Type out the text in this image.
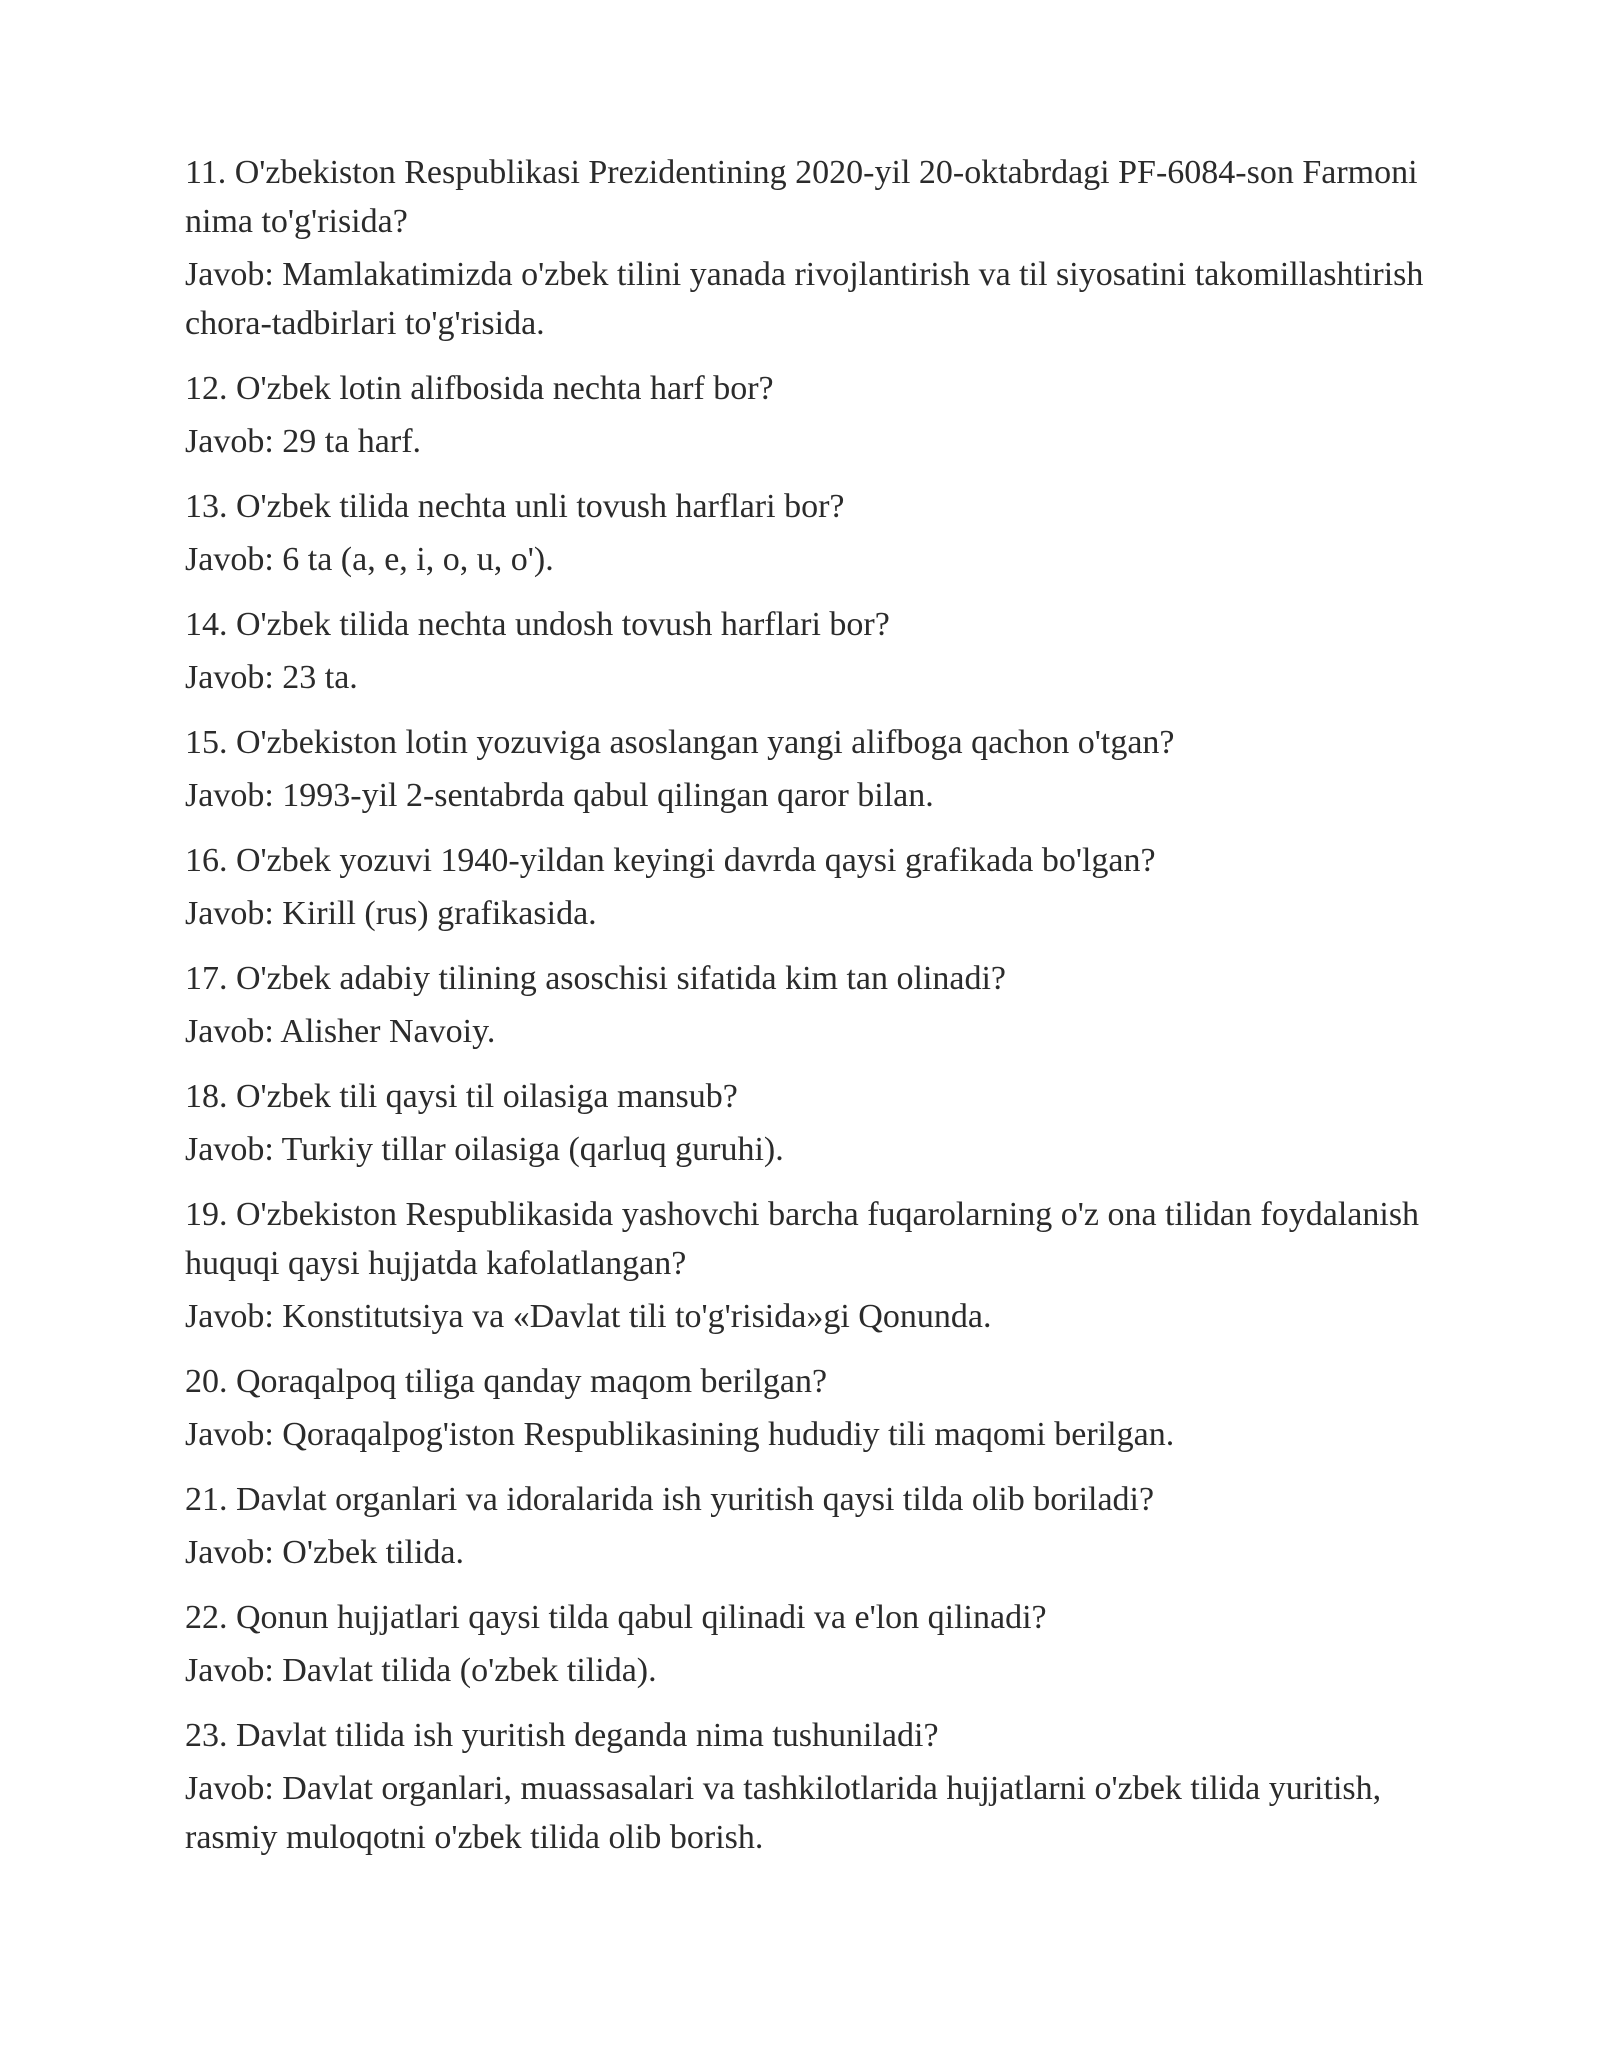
11. O'zbekiston Respublikasi Prezidentining 2020-yil 20-oktabrdagi PF-6084-son Farmoni nima to'g'risida?

Javob: Mamlakatimizda o'zbek tilini yanada rivojlantirish va til siyosatini takomillashtirish chora-tadbirlari to'g'risida.

12. O'zbek lotin alifbosida nechta harf bor?

Javob: 29 ta harf.

13. O'zbek tilida nechta unli tovush harflari bor?

Javob: 6 ta (a, e, i, o, u, o').

14. O'zbek tilida nechta undosh tovush harflari bor?

Javob: 23 ta.

15. O'zbekiston lotin yozuviga asoslangan yangi alifboga qachon o'tgan?

Javob: 1993-yil 2-sentabrda qabul qilingan qaror bilan.

16. O'zbek yozuvi 1940-yildan keyingi davrda qaysi grafikada bo'lgan?

Javob: Kirill (rus) grafikasida.

17. O'zbek adabiy tilining asoschisi sifatida kim tan olinadi?

Javob: Alisher Navoiy.

18. O'zbek tili qaysi til oilasiga mansub?

Javob: Turkiy tillar oilasiga (qarluq guruhi).

19. O'zbekiston Respublikasida yashovchi barcha fuqarolarning o'z ona tilidan foydalanish huquqi qaysi hujjatda kafolatlangan?

Javob: Konstitutsiya va «Davlat tili to'g'risida»gi Qonunda.

20. Qoraqalpoq tiliga qanday maqom berilgan?

Javob: Qoraqalpog'iston Respublikasining hududiy tili maqomi berilgan.

21. Davlat organlari va idoralarida ish yuritish qaysi tilda olib boriladi?

Javob: O'zbek tilida.

22. Qonun hujjatlari qaysi tilda qabul qilinadi va e'lon qilinadi?

Javob: Davlat tilida (o'zbek tilida).

23. Davlat tilida ish yuritish deganda nima tushuniladi?

Javob: Davlat organlari, muassasalari va tashkilotlarida hujjatlarni o'zbek tilida yuritish, rasmiy muloqotni o'zbek tilida olib borish.
